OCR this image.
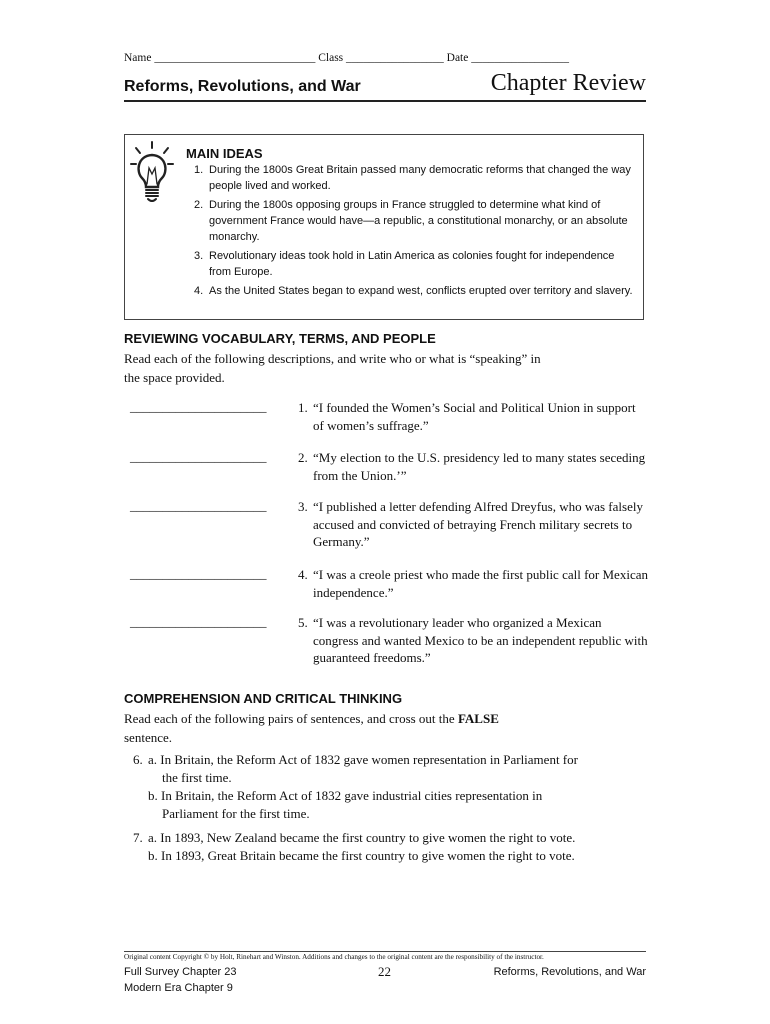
Name ____________________________ Class _________________ Date _________________
Reforms, Revolutions, and War	Chapter Review
MAIN IDEAS
1. During the 1800s Great Britain passed many democratic reforms that changed the way people lived and worked.
2. During the 1800s opposing groups in France struggled to determine what kind of government France would have—a republic, a constitutional monarchy, or an absolute monarchy.
3. Revolutionary ideas took hold in Latin America as colonies fought for independence from Europe.
4. As the United States began to expand west, conflicts erupted over territory and slavery.
REVIEWING VOCABULARY, TERMS, AND PEOPLE
Read each of the following descriptions, and write who or what is “speaking” in the space provided.
_____________________ 1. “I founded the Women’s Social and Political Union in support of women’s suffrage.”
_____________________ 2. “My election to the U.S. presidency led to many states seceding from the Union.’”
_____________________ 3. “I published a letter defending Alfred Dreyfus, who was falsely accused and convicted of betraying French military secrets to Germany.”
_____________________ 4. “I was a creole priest who made the first public call for Mexican independence.”
_____________________ 5. “I was a revolutionary leader who organized a Mexican congress and wanted Mexico to be an independent republic with guaranteed freedoms.”
COMPREHENSION AND CRITICAL THINKING
Read each of the following pairs of sentences, and cross out the FALSE
sentence.
6. a. In Britain, the Reform Act of 1832 gave women representation in Parliament for
the first time.
b. In Britain, the Reform Act of 1832 gave industrial cities representation in
Parliament for the first time.
7. a. In 1893, New Zealand became the first country to give women the right to vote.
b. In 1893, Great Britain became the first country to give women the right to vote.
Original content Copyright © by Holt, Rinehart and Winston. Additions and changes to the original content are the responsibility of the instructor.
Full Survey Chapter 23
Modern Era Chapter 9
22	Reforms, Revolutions, and War
